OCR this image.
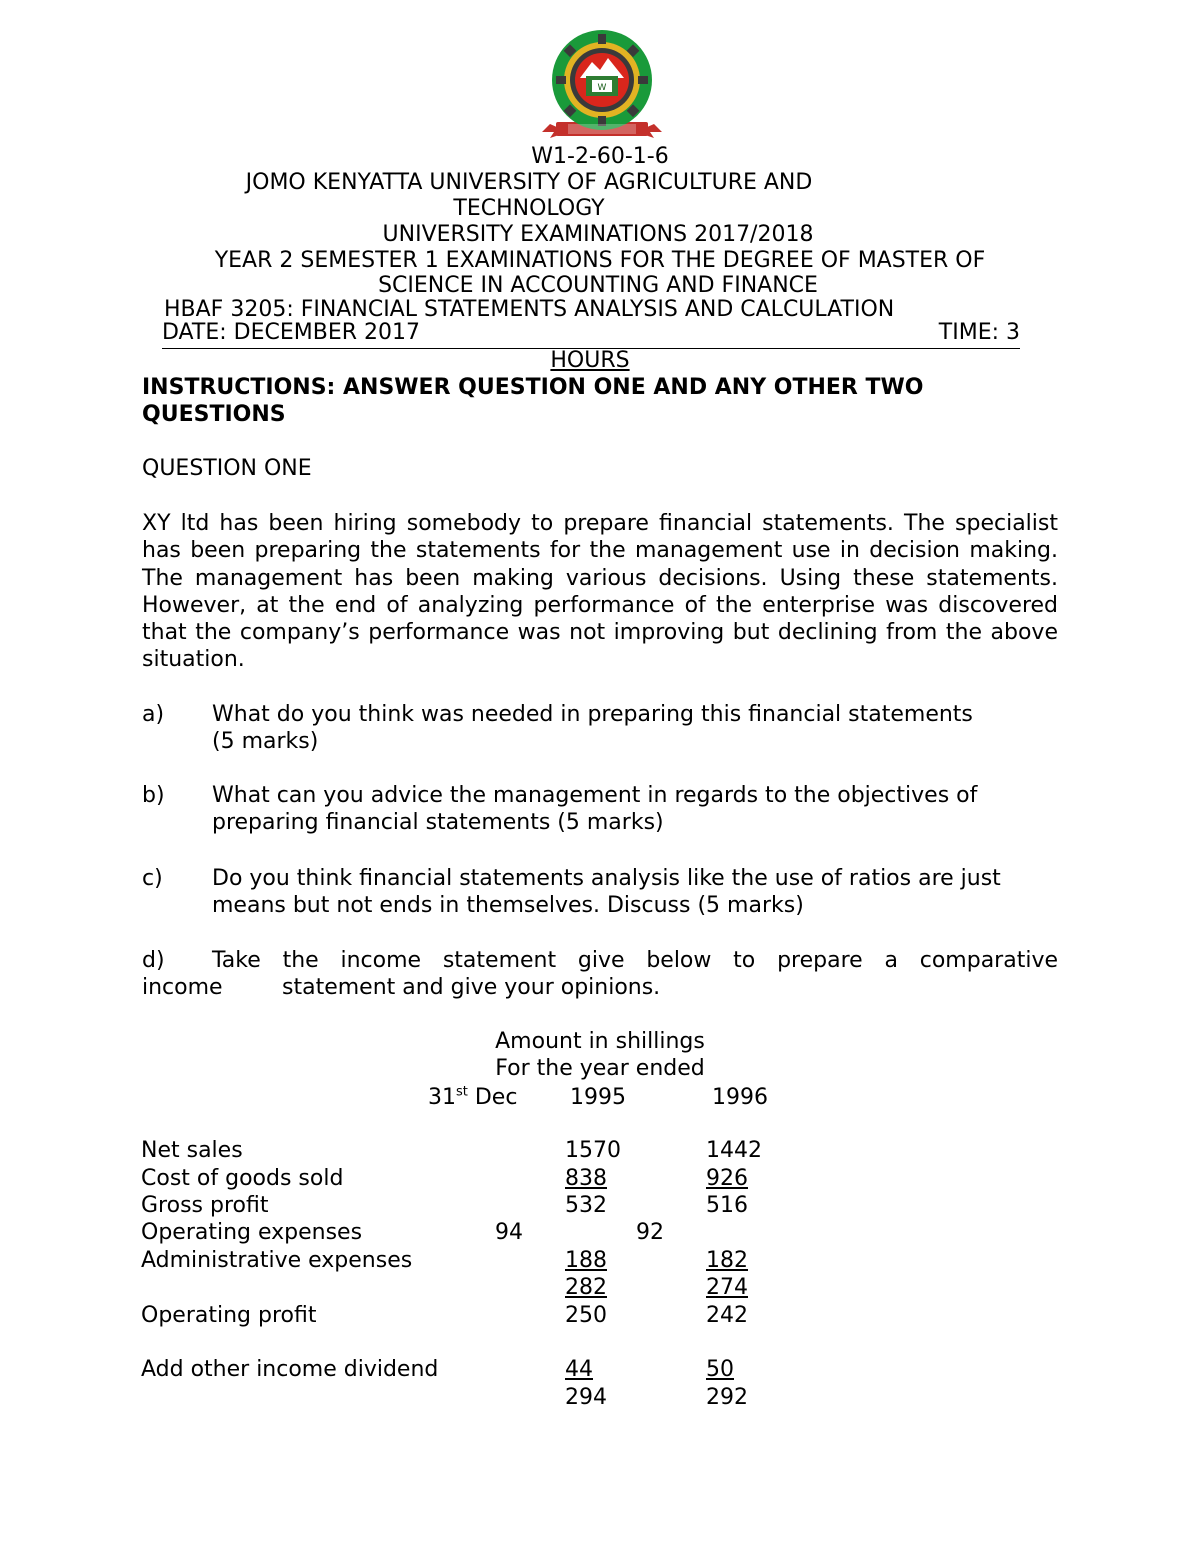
W
W1-2-60-1-6
JOMO KENYATTA UNIVERSITY OF AGRICULTURE AND
TECHNOLOGY
UNIVERSITY EXAMINATIONS 2017/2018
YEAR 2 SEMESTER 1 EXAMINATIONS FOR THE DEGREE OF MASTER OF
SCIENCE IN ACCOUNTING AND FINANCE
HBAF 3205: FINANCIAL STATEMENTS ANALYSIS AND CALCULATION
DATE: DECEMBER 2017	TIME: 3
HOURS
INSTRUCTIONS: ANSWER QUESTION ONE AND ANY OTHER TWO
QUESTIONS
QUESTION ONE
XY ltd has been hiring somebody to prepare financial statements. The specialist has been preparing the statements for the management use in decision making. The management has been making various decisions. Using these statements. However, at the end of analyzing performance of the enterprise was discovered that the company’s performance was not improving but declining from the above situation.
a) What do you think was needed in preparing this financial statements
(5 marks)
b) What can you advice the management in regards to the objectives of
preparing financial statements (5 marks)
c) Do you think financial statements analysis like the use of ratios are just
means but not ends in themselves. Discuss (5 marks)
d)	Take the income statement give below to prepare a comparative
income	statement and give your opinions.
Amount in shillings
For the year ended
31st Dec 1995	1996
Net sales	1570	1442
Cost of goods sold	838	926
Gross profit	532	516
Operating expenses	94	92
Administrative expenses	188	182
282	274
Operating profit	250	242
Add other income dividend	44	50
294	292
